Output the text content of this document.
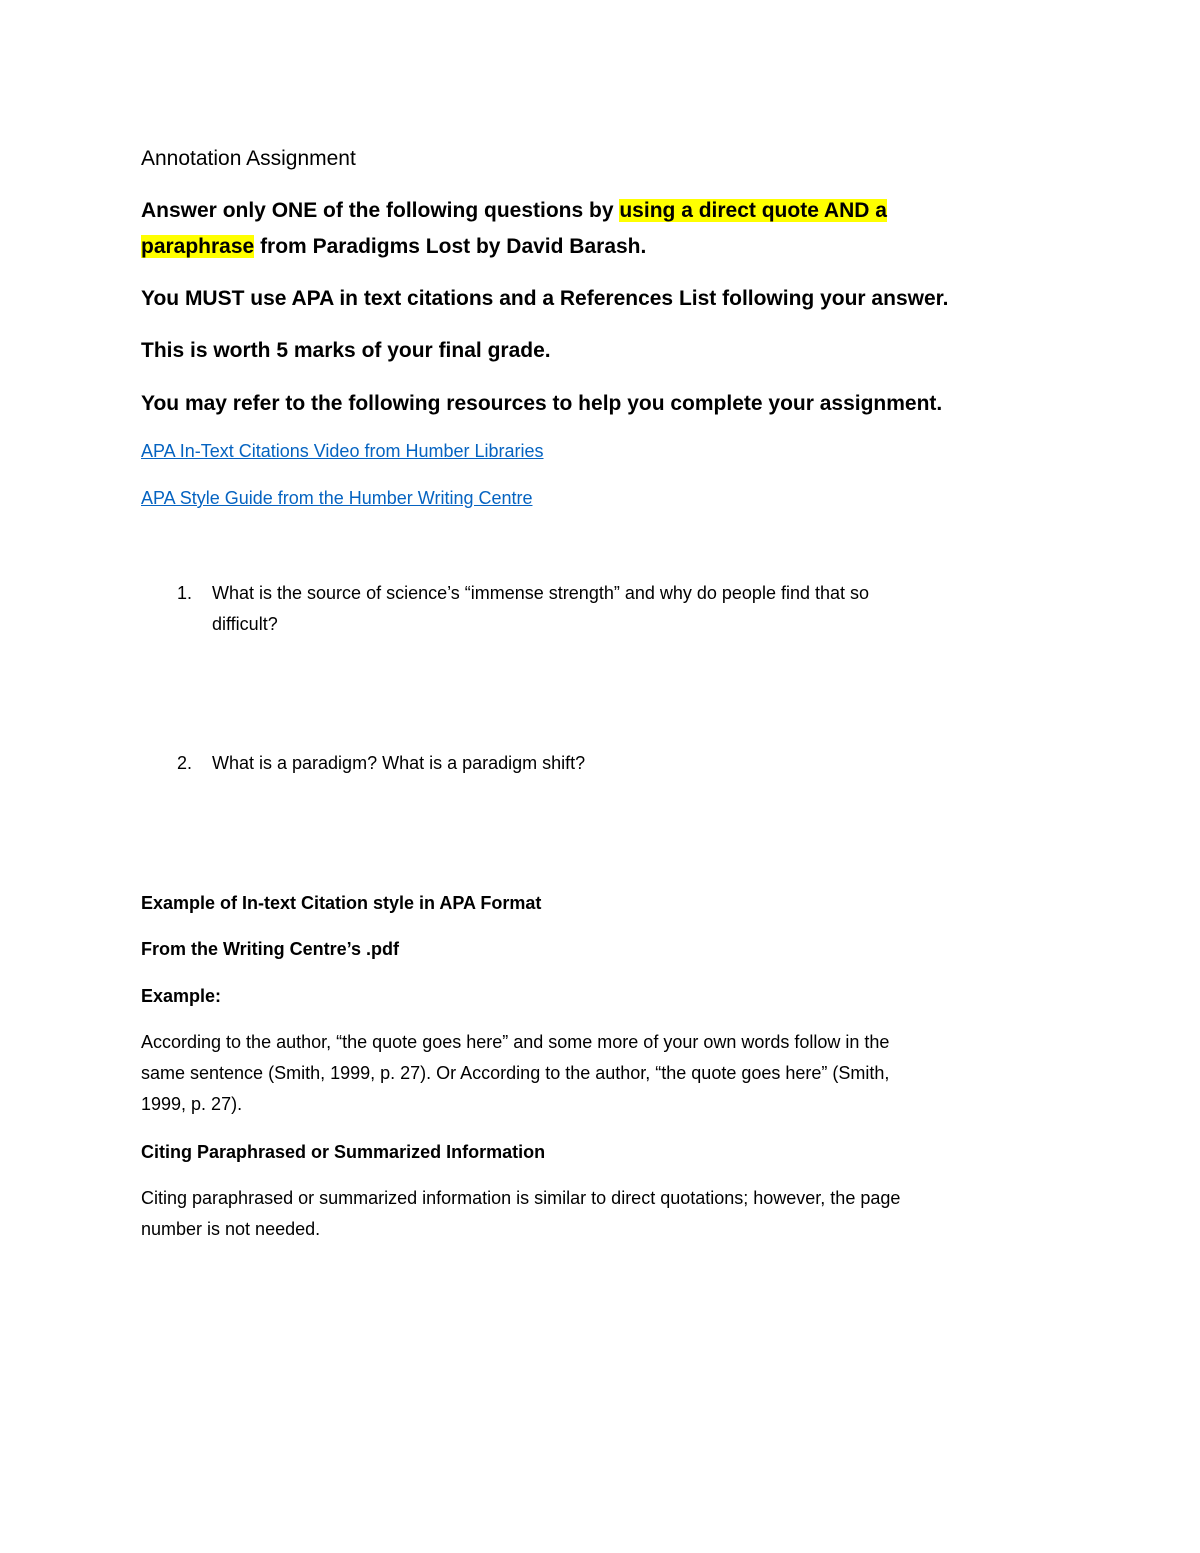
Annotation Assignment
Answer only ONE of the following questions by using a direct quote AND a
paraphrase from Paradigms Lost by David Barash.
You MUST use APA in text citations and a References List following your answer.
This is worth 5 marks of your final grade.
You may refer to the following resources to help you complete your assignment.
APA In-Text Citations Video from Humber Libraries
APA Style Guide from the Humber Writing Centre
1. What is the source of science’s “immense strength” and why do people find that so
difficult?
2. What is a paradigm? What is a paradigm shift?
Example of In-text Citation style in APA Format
From the Writing Centre’s .pdf
Example:
According to the author, “the quote goes here” and some more of your own words follow in the
same sentence (Smith, 1999, p. 27). Or According to the author, “the quote goes here” (Smith,
1999, p. 27).
Citing Paraphrased or Summarized Information
Citing paraphrased or summarized information is similar to direct quotations; however, the page
number is not needed.
